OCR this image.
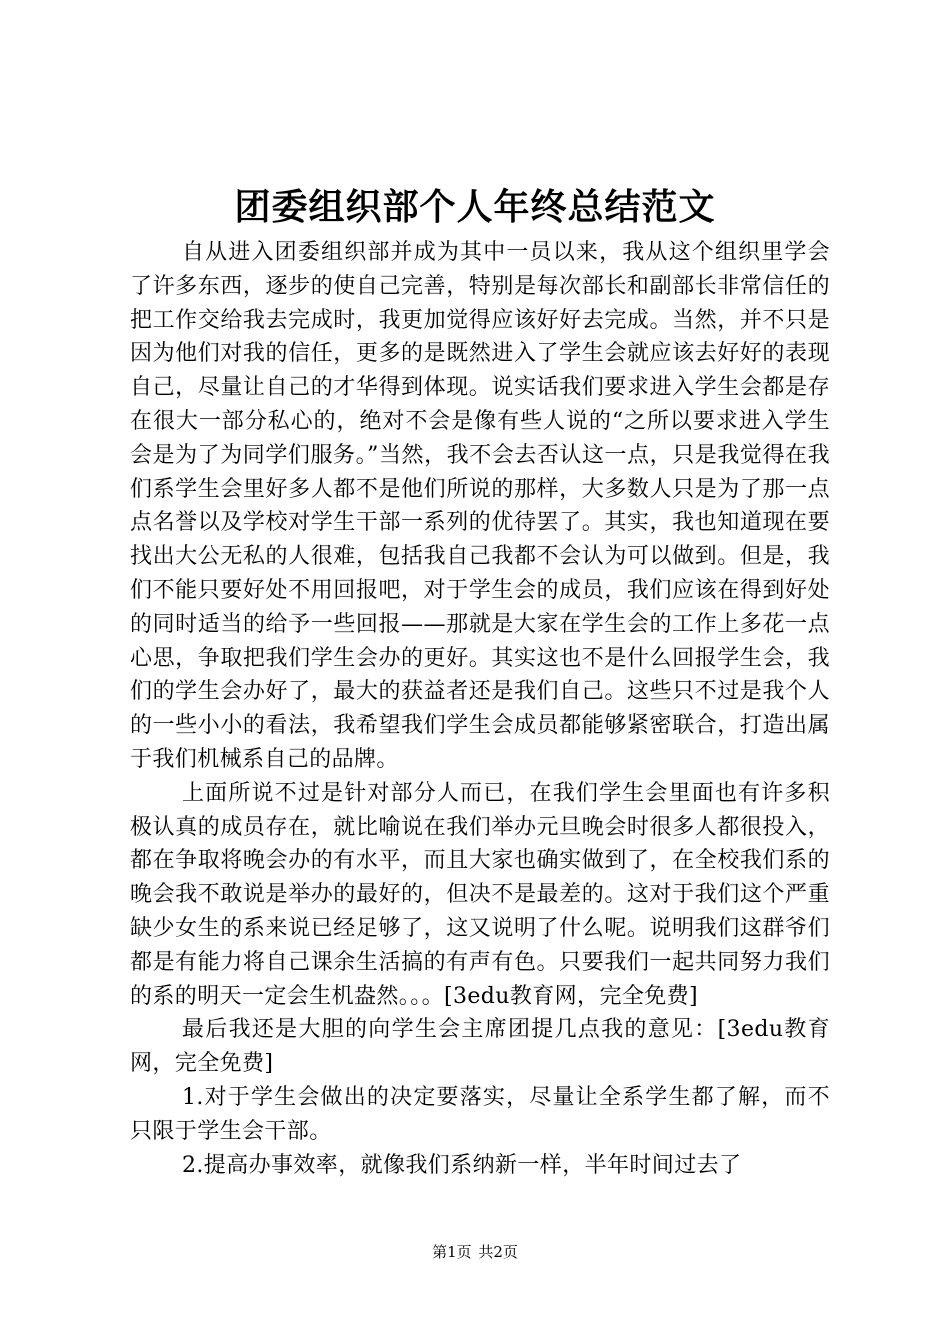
团委组织部个人年终总结范文

自从进入团委组织部并成为其中一员以来，我从这个组织里学会了许多东西，逐步的使自己完善，特别是每次部长和副部长非常信任的把工作交给我去完成时，我更加觉得应该好好去完成。当然，并不只是因为他们对我的信任，更多的是既然进入了学生会就应该去好好的表现自己，尽量让自己的才华得到体现。说实话我们要求进入学生会都是存在很大一部分私心的，绝对不会是像有些人说的“之所以要求进入学生会是为了为同学们服务。”当然，我不会去否认这一点，只是我觉得在我们系学生会里好多人都不是他们所说的那样，大多数人只是为了那一点点名誉以及学校对学生干部一系列的优待罢了。其实，我也知道现在要找出大公无私的人很难，包括我自己我都不会认为可以做到。但是，我们不能只要好处不用回报吧，对于学生会的成员，我们应该在得到好处的同时适当的给予一些回报——那就是大家在学生会的工作上多花一点心思，争取把我们学生会办的更好。其实这也不是什么回报学生会，我们的学生会办好了，最大的获益者还是我们自己。这些只不过是我个人的一些小小的看法，我希望我们学生会成员都能够紧密联合，打造出属于我们机械系自己的品牌。

上面所说不过是针对部分人而已，在我们学生会里面也有许多积极认真的成员存在，就比喻说在我们举办元旦晚会时很多人都很投入，都在争取将晚会办的有水平，而且大家也确实做到了，在全校我们系的晚会我不敢说是举办的最好的，但决不是最差的。这对于我们这个严重缺少女生的系来说已经足够了，这又说明了什么呢。说明我们这群爷们都是有能力将自己课余生活搞的有声有色。只要我们一起共同努力我们的系的明天一定会生机盎然。。。[3edu教育网，完全免费]

最后我还是大胆的向学生会主席团提几点我的意见：[3edu教育网，完全免费]

1.对于学生会做出的决定要落实，尽量让全系学生都了解，而不只限于学生会干部。

2.提高办事效率，就像我们系纳新一样，半年时间过去了

第1页 共2页
